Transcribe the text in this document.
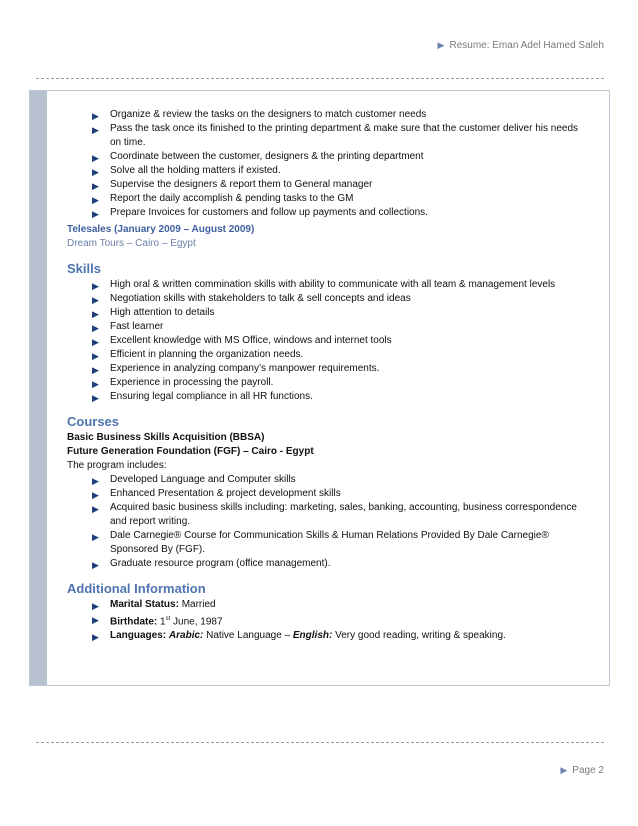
▶ Resume: Eman Adel Hamed Saleh
▶ Organize & review the tasks on the designers to match customer needs
▶ Pass the task once its finished to the printing department & make sure that the customer deliver his needs on time.
▶ Coordinate between the customer, designers & the printing department
▶ Solve all the holding matters if existed.
▶ Supervise the designers & report them to General manager
▶ Report the daily accomplish & pending tasks to the GM
▶ Prepare Invoices for customers and follow up payments and collections.
Telesales (January 2009 – August 2009)
Dream Tours – Cairo – Egypt
Skills
▶ High oral & written commination skills with ability to communicate with all team & management levels
▶ Negotiation skills with stakeholders to talk & sell concepts and ideas
▶ High attention to details
▶ Fast learner
▶ Excellent knowledge with MS Office, windows and internet tools
▶ Efficient in planning the organization needs.
▶ Experience in analyzing company’s manpower requirements.
▶ Experience in processing the payroll.
▶ Ensuring legal compliance in all HR functions.
Courses
Basic Business Skills Acquisition (BBSA)
Future Generation Foundation (FGF) – Cairo - Egypt
The program includes:
▶ Developed Language and Computer skills
▶ Enhanced Presentation & project development skills
▶ Acquired basic business skills including: marketing, sales, banking, accounting, business correspondence and report writing.
▶ Dale Carnegie® Course for Communication Skills & Human Relations Provided By Dale Carnegie® Sponsored By (FGF).
▶ Graduate resource program (office management).
Additional Information
▶ Marital Status: Married
▶ Birthdate: 1st June, 1987
▶ Languages: Arabic: Native Language – English: Very good reading, writing & speaking.
▶ Page 2
